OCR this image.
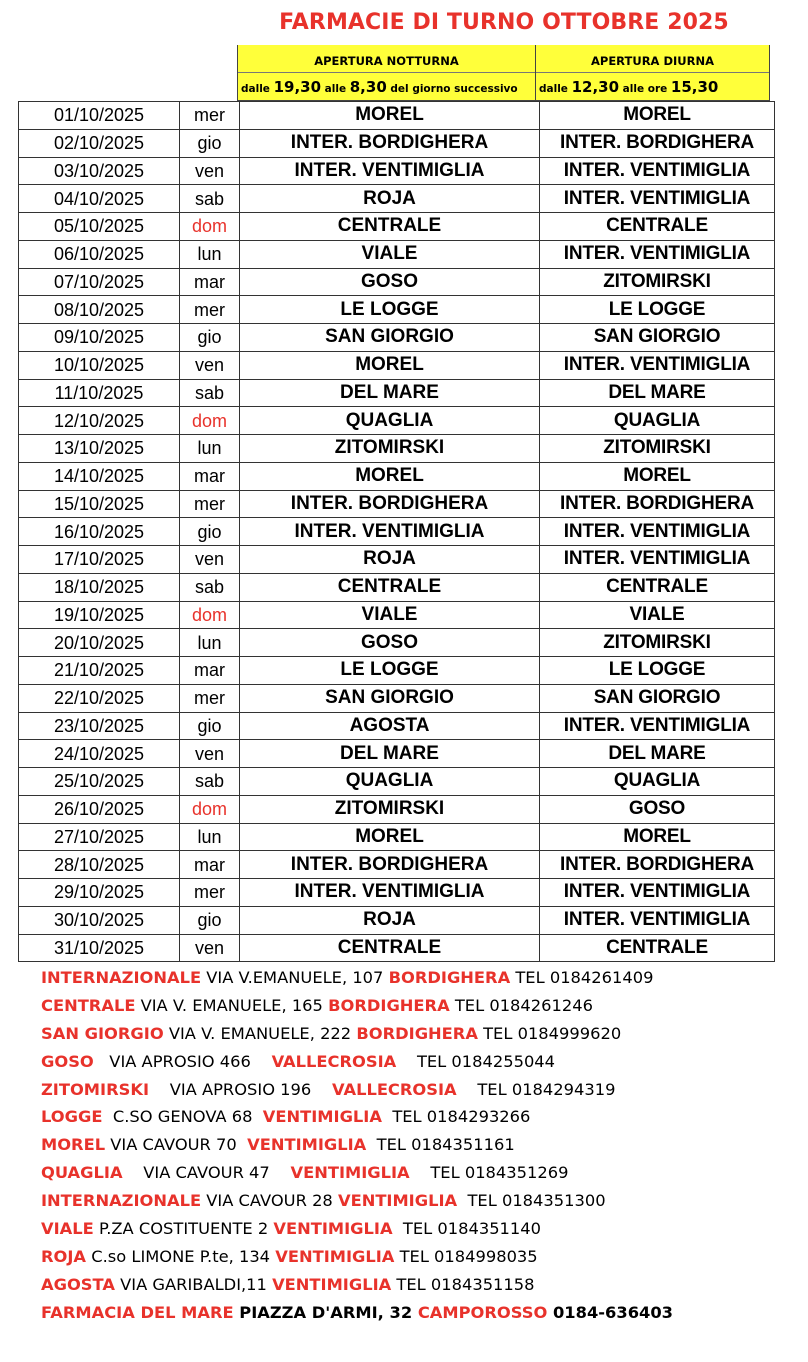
FARMACIE DI TURNO OTTOBRE 2025
APERTURA NOTTURNA
dalle 19,30 alle 8,30 del giorno successivo
APERTURA DIURNA
dalle 12,30 alle ore 15,30
01/10/2025	mer	MOREL	MOREL
02/10/2025	gio	INTER. BORDIGHERA	INTER. BORDIGHERA
03/10/2025	ven	INTER. VENTIMIGLIA	INTER. VENTIMIGLIA
04/10/2025	sab	ROJA	INTER. VENTIMIGLIA
05/10/2025	dom	CENTRALE	CENTRALE
06/10/2025	lun	VIALE	INTER. VENTIMIGLIA
07/10/2025	mar	GOSO	ZITOMIRSKI
08/10/2025	mer	LE LOGGE	LE LOGGE
09/10/2025	gio	SAN GIORGIO	SAN GIORGIO
10/10/2025	ven	MOREL	INTER. VENTIMIGLIA
11/10/2025	sab	DEL MARE	DEL MARE
12/10/2025	dom	QUAGLIA	QUAGLIA
13/10/2025	lun	ZITOMIRSKI	ZITOMIRSKI
14/10/2025	mar	MOREL	MOREL
15/10/2025	mer	INTER. BORDIGHERA	INTER. BORDIGHERA
16/10/2025	gio	INTER. VENTIMIGLIA	INTER. VENTIMIGLIA
17/10/2025	ven	ROJA	INTER. VENTIMIGLIA
18/10/2025	sab	CENTRALE	CENTRALE
19/10/2025	dom	VIALE	VIALE
20/10/2025	lun	GOSO	ZITOMIRSKI
21/10/2025	mar	LE LOGGE	LE LOGGE
22/10/2025	mer	SAN GIORGIO	SAN GIORGIO
23/10/2025	gio	AGOSTA	INTER. VENTIMIGLIA
24/10/2025	ven	DEL MARE	DEL MARE
25/10/2025	sab	QUAGLIA	QUAGLIA
26/10/2025	dom	ZITOMIRSKI	GOSO
27/10/2025	lun	MOREL	MOREL
28/10/2025	mar	INTER. BORDIGHERA	INTER. BORDIGHERA
29/10/2025	mer	INTER. VENTIMIGLIA	INTER. VENTIMIGLIA
30/10/2025	gio	ROJA	INTER. VENTIMIGLIA
31/10/2025	ven	CENTRALE	CENTRALE
INTERNAZIONALE VIA V.EMANUELE, 107 BORDIGHERA TEL 0184261409
CENTRALE VIA V. EMANUELE, 165 BORDIGHERA TEL 0184261246
SAN GIORGIO VIA V. EMANUELE, 222 BORDIGHERA TEL 0184999620
GOSO   VIA APROSIO 466    VALLECROSIA    TEL 0184255044
ZITOMIRSKI    VIA APROSIO 196    VALLECROSIA    TEL 0184294319
LOGGE  C.SO GENOVA 68  VENTIMIGLIA  TEL 0184293266
MOREL VIA CAVOUR 70  VENTIMIGLIA  TEL 0184351161
QUAGLIA    VIA CAVOUR 47    VENTIMIGLIA    TEL 0184351269
INTERNAZIONALE VIA CAVOUR 28 VENTIMIGLIA  TEL 0184351300
VIALE P.ZA COSTITUENTE 2 VENTIMIGLIA  TEL 0184351140
ROJA C.so LIMONE P.te, 134 VENTIMIGLIA TEL 0184998035
AGOSTA VIA GARIBALDI,11 VENTIMIGLIA TEL 0184351158
FARMACIA DEL MARE PIAZZA D'ARMI, 32 CAMPOROSSO 0184-636403
